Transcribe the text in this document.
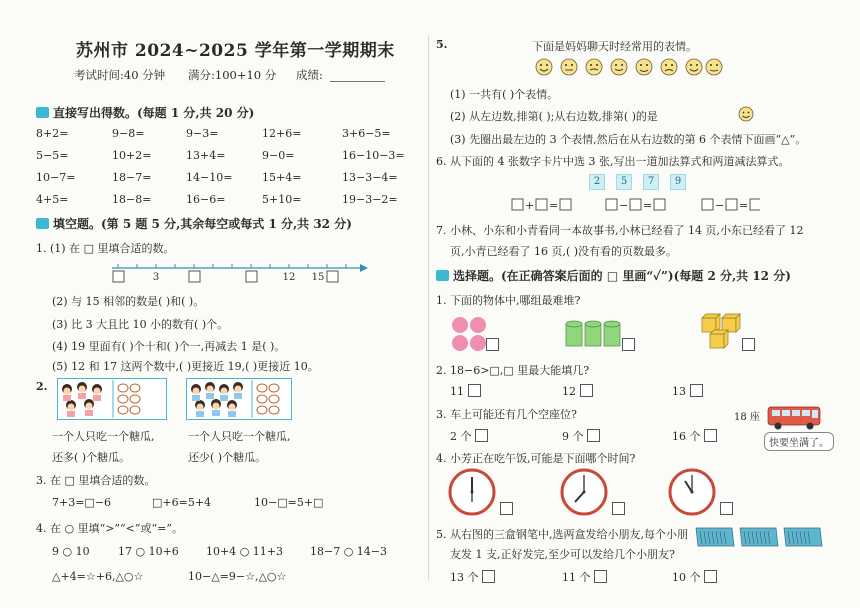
苏州市 2024~2025 学年第一学期期末
考试时间:40 分钟 满分:100+10 分 成绩:
直接写出得数。(每题 1 分,共 20 分)
8+2=	9−8=	9−3=	12+6=	3+6−5=
5−5=	10+2=	13+4=	9−0=	16−10−3=
10−7=	18−7=	14−10=	15+4=	13−3−4=
4+5=	18−8=	16−6=	5+10=	19−3−2=
填空题。(第 5 题 5 分,其余每空或每式 1 分,共 32 分)
1. (1) 在 □ 里填合适的数。
3	12 15
(2) 与 15 相邻的数是( )和( )。
(3) 比 3 大且比 10 小的数有( )个。
(4) 19 里面有( )个十和( )个一,再减去 1 是( )。
(5) 12 和 17 这两个数中,( )更接近 19,( )更接近 10。
2.
一个人只吃一个糖瓜,	一个人只吃一个糖瓜,
还多( )个糖瓜。	还少( )个糖瓜。
3. 在 □ 里填合适的数。
7+3=□−6	□+6=5+4	10−□=5+□
4. 在 ○ 里填“>”“<”或“=”。
9 ○ 10	17 ○ 10+6 10+4 ○ 11+3 18−7 ○ 14−3
△+4=☆+6,△○☆	10−△=9−☆,△○☆
5.	下面是妈妈聊天时经常用的表情。
(1) 一共有( )个表情。
(2) 从左边数,排第( );从右边数,排第( )的是
(3) 先圈出最左边的 3 个表情,然后在从右边数的第 6 个表情下面画“△”。
6. 从下面的 4 张数字卡片中选 3 张,写出一道加法算式和两道减法算式。
2	5	7	9
+ =	− =	− =
7. 小林、小东和小青看同一本故事书,小林已经看了 14 页,小东已经看了 12
页,小青已经看了 16 页,( )没有看的页数最多。
选择题。(在正确答案后面的 □ 里画“✓”)(每题 2 分,共 12 分)
1. 下面的物体中,哪组最难堆?
2. 18−6>□,□ 里最大能填几?
11	12	13
3. 车上可能还有几个空座位?	18 座
快要坐满了。
2 个	9 个	16 个
4. 小芳正在吃午饭,可能是下面哪个时间?
5. 从右图的三盒钢笔中,选两盒发给小朋友,每个小朋
友发 1 支,正好发完,至少可以发给几个小朋友?
13 个	11 个	10 个
